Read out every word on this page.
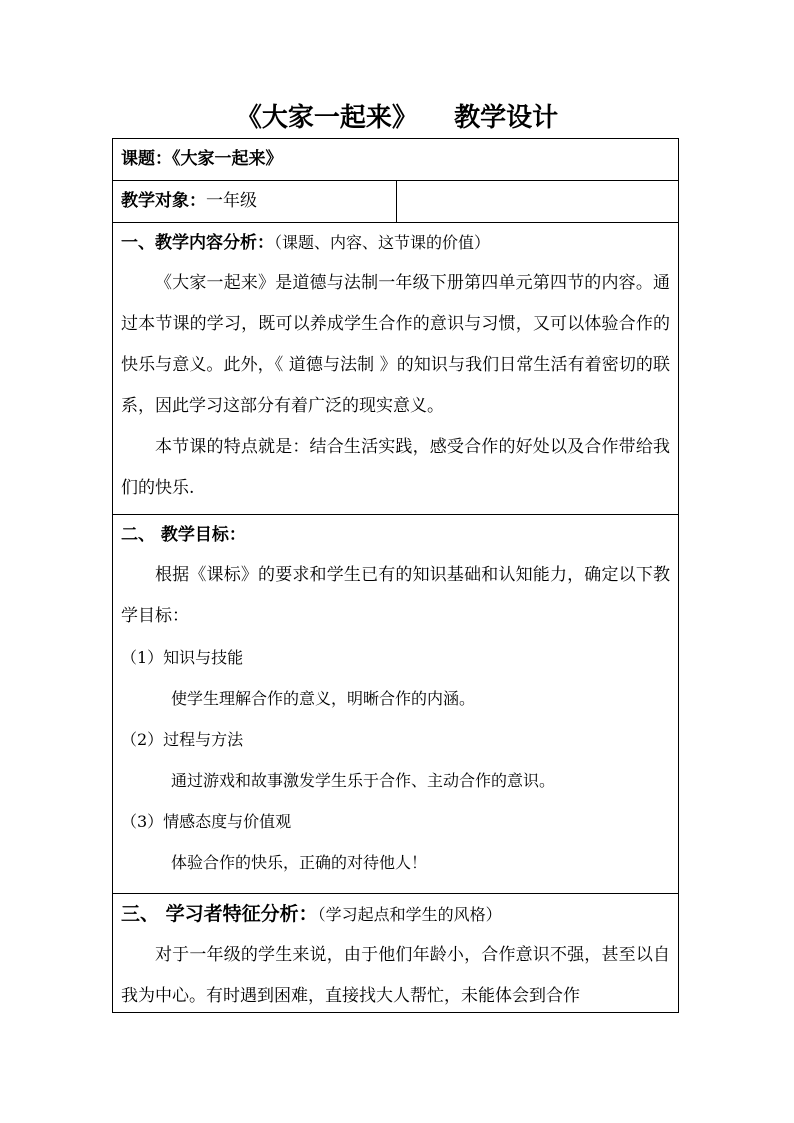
《大家一起来》    教学设计
课题：《大家一起来》
教学对象：一年级
一、教学内容分析：（课题、内容、这节课的价值）

《大家一起来》是道德与法制一年级下册第四单元第四节的内容。通过本节课的学习，既可以养成学生合作的意识与习惯，又可以体验合作的快乐与意义。此外，《 道德与法制 》的知识与我们日常生活有着密切的联系，因此学习这部分有着广泛的现实意义。

本节课的特点就是：结合生活实践，感受合作的好处以及合作带给我们的快乐.

二、 教学目标：

根据《课标》的要求和学生已有的知识基础和认知能力，确定以下教学目标：

（1）知识与技能

使学生理解合作的意义，明晰合作的内涵。

（2）过程与方法

通过游戏和故事激发学生乐于合作、主动合作的意识。

（3）情感态度与价值观

体验合作的快乐，正确的对待他人！

三、 学习者特征分析：（学习起点和学生的风格）

对于一年级的学生来说，由于他们年龄小，合作意识不强，甚至以自我为中心。有时遇到困难，直接找大人帮忙，未能体会到合作
